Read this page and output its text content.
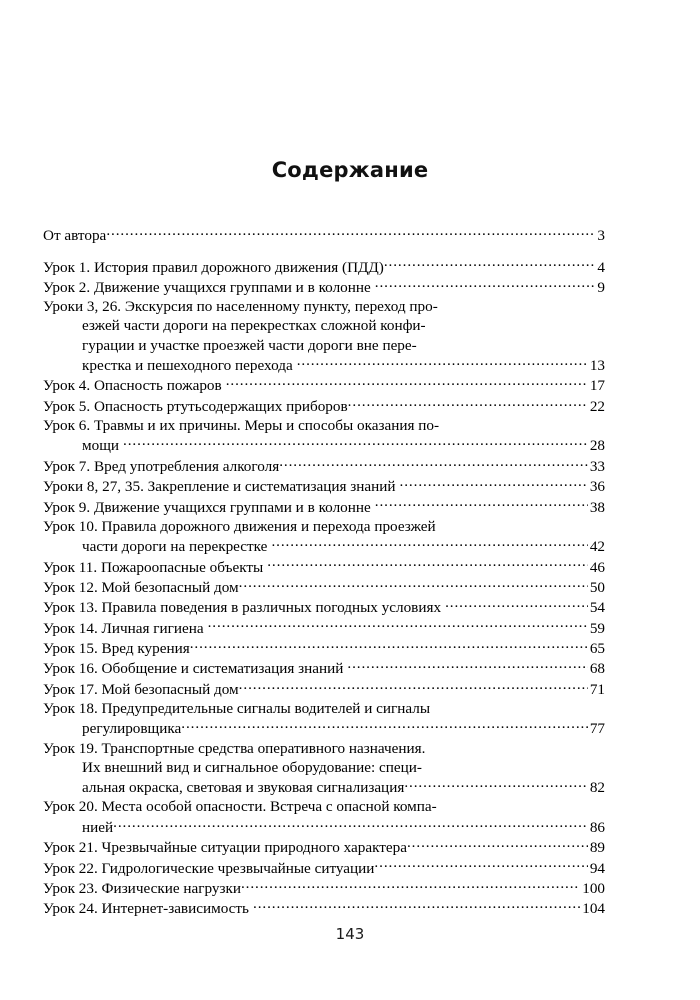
Содержание
От автора .....	3
Урок 1. История правил дорожного движения (ПДД) .....	4
Урок 2. Движение учащихся группами и в колонне .....	9
Уроки 3, 26. Экскурсия по населенному пункту, переход про-
езжей части дороги на перекрестках сложной конфи-
гурации и участке проезжей части дороги вне пере-
крестка и пешеходного перехода .....	13
Урок 4. Опасность пожаров .....	17
Урок 5. Опасность ртутьсодержащих приборов .....	22
Урок 6. Травмы и их причины. Меры и способы оказания по-
мощи .....	28
Урок 7. Вред употребления алкоголя .....	33
Уроки 8, 27, 35. Закрепление и систематизация знаний .....	36
Урок 9. Движение учащихся группами и в колонне .....	38
Урок 10. Правила дорожного движения и перехода проезжей
части дороги на перекрестке .....	42
Урок 11. Пожароопасные объекты .....	46
Урок 12. Мой безопасный дом .....	50
Урок 13. Правила поведения в различных погодных условиях .....	54
Урок 14. Личная гигиена .....	59
Урок 15. Вред курения .....	65
Урок 16. Обобщение и систематизация знаний .....	68
Урок 17. Мой безопасный дом .....	71
Урок 18. Предупредительные сигналы водителей и сигналы
регулировщика .....	77
Урок 19. Транспортные средства оперативного назначения.
Их внешний вид и сигнальное оборудование: специ-
альная окраска, световая и звуковая сигнализация .....	82
Урок 20. Места особой опасности. Встреча с опасной компа-
нией .....	86
Урок 21. Чрезвычайные ситуации природного характера .....	89
Урок 22. Гидрологические чрезвычайные ситуации .....	94
Урок 23. Физические нагрузки .....	100
Урок 24. Интернет-зависимость .....	104
143
